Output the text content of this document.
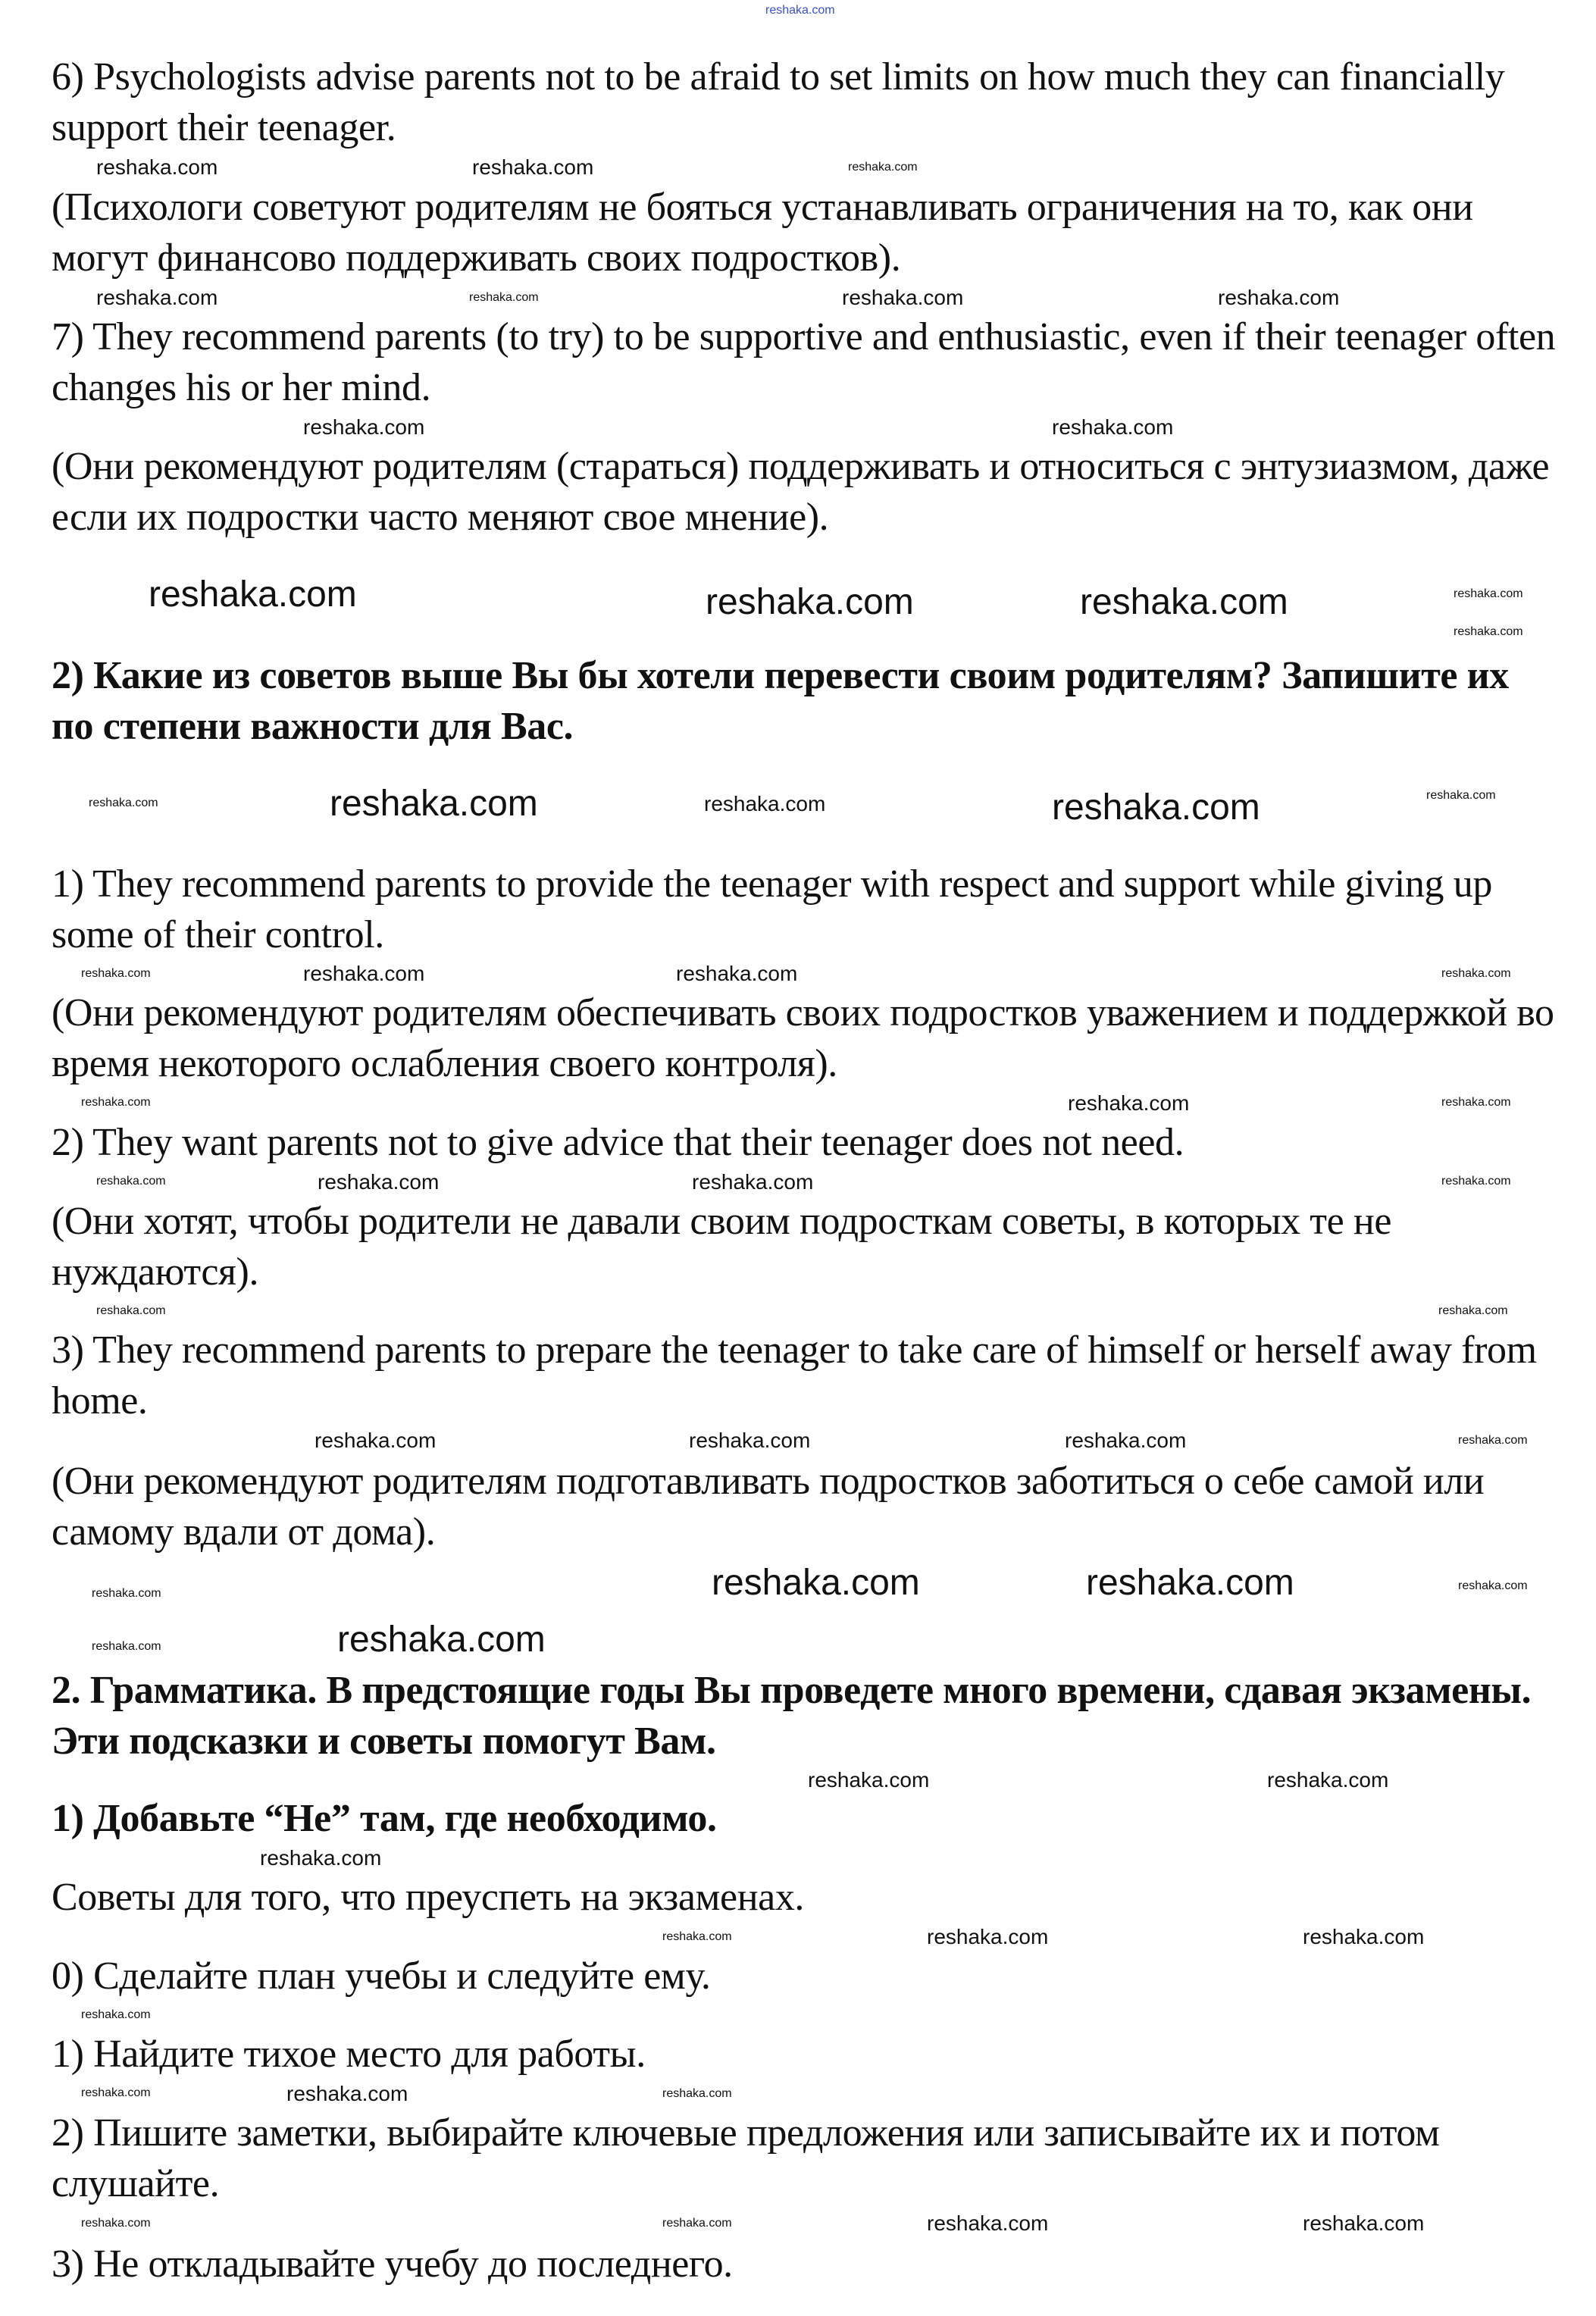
reshaka.com
6) Psychologists advise parents not to be afraid to set limits on how much they can financially support their teenager.
reshaka.com	reshaka.com	reshaka.com
(Психологи советуют родителям не бояться устанавливать ограничения на то, как они могут финансово поддерживать своих подростков).
reshaka.com	reshaka.com	reshaka.com	reshaka.com
7) They recommend parents (to try) to be supportive and enthusiastic, even if their teenager often changes his or her mind.
reshaka.com	reshaka.com
(Они рекомендуют родителям (стараться) поддерживать и относиться с энтузиазмом, даже если их подростки часто меняют свое мнение).
reshaka.com	reshaka.com	reshaka.com	reshaka.com
reshaka.com
2) Какие из советов выше Вы бы хотели перевести своим родителям? Запишите их по степени важности для Вас.
reshaka.com	reshaka.com	reshaka.com	reshaka.com	reshaka.com
1) They recommend parents to provide the teenager with respect and support while giving up some of their control.
reshaka.com	reshaka.com	reshaka.com	reshaka.com
(Они рекомендуют родителям обеспечивать своих подростков уважением и поддержкой во время некоторого ослабления своего контроля).
reshaka.com	reshaka.com	reshaka.com
2) They want parents not to give advice that their teenager does not need.
reshaka.com	reshaka.com	reshaka.com	reshaka.com
(Они хотят, чтобы родители не давали своим подросткам советы, в которых те не нуждаются).
reshaka.com	reshaka.com
3) They recommend parents to prepare the teenager to take care of himself or herself away from home.
reshaka.com	reshaka.com	reshaka.com	reshaka.com
(Они рекомендуют родителям подготавливать подростков заботиться о себе самой или самому вдали от дома).
reshaka.com	reshaka.com
reshaka.com
reshaka.com	reshaka.com
reshaka.com
2. Грамматика. В предстоящие годы Вы проведете много времени, сдавая экзамены. Эти подсказки и советы помогут Вам.
reshaka.com	reshaka.com
1) Добавьте “Не” там, где необходимо.
reshaka.com
Советы для того, что преуспеть на экзаменах.
reshaka.com	reshaka.com	reshaka.com
0) Сделайте план учебы и следуйте ему.
reshaka.com
1) Найдите тихое место для работы.
reshaka.com	reshaka.com	reshaka.com
2) Пишите заметки, выбирайте ключевые предложения или записывайте их и потом слушайте.
reshaka.com	reshaka.com	reshaka.com	reshaka.com
3) Не откладывайте учебу до последнего.
